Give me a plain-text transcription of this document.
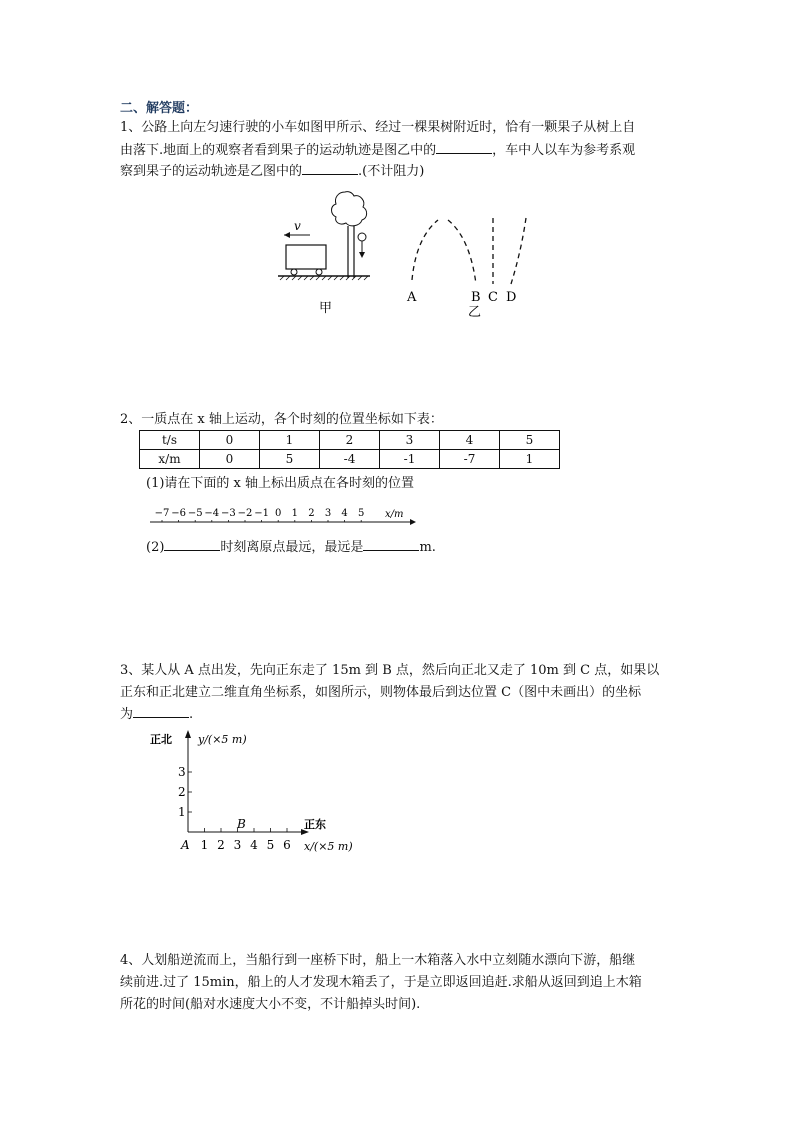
二、解答题：
1、公路上向左匀速行驶的小车如图甲所示、经过一棵果树附近时，恰有一颗果子从树上自
由落下.地面上的观察者看到果子的运动轨迹是图乙中的	，车中人以车为参考系观
察到果子的运动轨迹是乙图中的	.(不计阻力)
v
甲
A	B C D
乙
2、一质点在 x 轴上运动，各个时刻的位置坐标如下表：
t/s	0	1	2	3	4	5
x/m	0	5	-4	-1	-7	1
(1)请在下面的 x 轴上标出质点在各时刻的位置
−7 −6 −5 −4 −3 −2 −1 0 1 2 3 4 5 x/m
(2)	时刻离原点最远，最远是	m.
3、某人从 A 点出发，先向正东走了 15m 到 B 点，然后向正北又走了 10m 到 C 点，如果以
正东和正北建立二维直角坐标系，如图所示，则物体最后到达位置 C（图中未画出）的坐标
为	.
正北 y/(×5 m)
正东
x/(×5 m)
A
1
2
3
1 2 3 4 5 6
B
4、人划船逆流而上，当船行到一座桥下时，船上一木箱落入水中立刻随水漂向下游，船继
续前进.过了 15min，船上的人才发现木箱丢了，于是立即返回追赶.求船从返回到追上木箱
所花的时间(船对水速度大小不变，不计船掉头时间).
